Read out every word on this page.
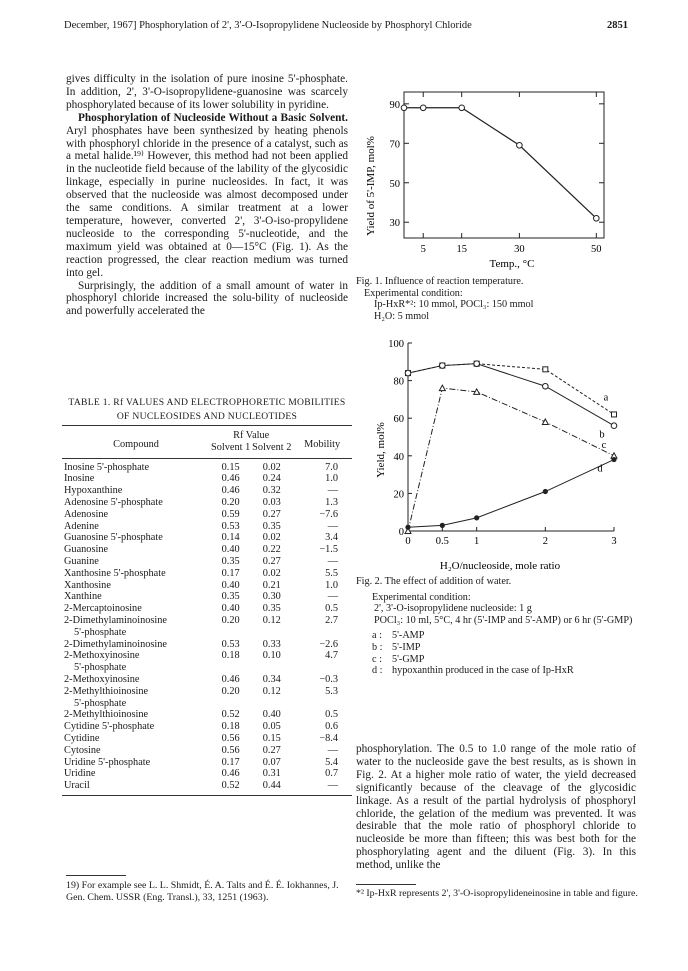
December, 1967] Phosphorylation of 2', 3'-O-Isopropylidene Nucleoside by Phosphoryl Chloride	2851

gives difficulty in the isolation of pure inosine 5'-phosphate. In addition, 2', 3'-O-isopropylidene-guanosine was scarcely phosphorylated because of its lower solubility in pyridine.

Phosphorylation of Nucleoside Without a Basic Solvent. Aryl phosphates have been synthesized by heating phenols with phosphoryl chloride in the presence of a catalyst, such as a metal halide.¹⁹⁾ However, this method had not been applied in the nucleotide field because of the lability of the glycosidic linkage, especially in purine nucleosides. In fact, it was observed that the nucleoside was almost decomposed under the same conditions. A similar treatment at a lower temperature, however, converted 2', 3'-O-iso-propylidene nucleoside to the corresponding 5'-nucleotide, and the maximum yield was obtained at 0—15°C (Fig. 1). As the reaction progressed, the clear reaction medium was turned into gel.

Surprisingly, the addition of a small amount of water in phosphoryl chloride increased the solu-bility of nucleoside and powerfully accelerated the

TABLE 1. Rf VALUES AND ELECTROPHORETIC MOBILITIES OF NUCLEOSIDES AND NUCLEOTIDES
Compound	Rf Value		Mobility
	Solvent 1	Solvent 2	

Inosine 5'-phosphate	0.15	0.02	7.0

Inosine	0.46	0.24	1.0

Hypoxanthine	0.46	0.32	—

Adenosine 5'-phosphate	0.20	0.03	1.3

Adenosine	0.59	0.27	−7.6

Adenine	0.53	0.35	—

Guanosine 5'-phosphate	0.14	0.02	3.4

Guanosine	0.40	0.22	−1.5

Guanine	0.35	0.27	—

Xanthosine 5'-phosphate	0.17	0.02	5.5

Xanthosine	0.40	0.21	1.0

Xanthine	0.35	0.30	—

2-Mercaptoinosine	0.40	0.35	0.5

2-Dimethylaminoinosine
5'-phosphate	0.20	0.12	2.7

2-Dimethylaminoinosine	0.53	0.33	−2.6

2-Methoxyinosine
5'-phosphate	0.18	0.10	4.7

2-Methoxyinosine	0.46	0.34	−0.3

2-Methylthioinosine
5'-phosphate	0.20	0.12	5.3

2-Methylthioinosine	0.52	0.40	0.5

Cytidine 5'-phosphate	0.18	0.05	0.6

Cytidine	0.56	0.15	−8.4

Cytosine	0.56	0.27	—

Uridine 5'-phosphate	0.17	0.07	5.4

Uridine	0.46	0.31	0.7

Uracil	0.52	0.44	—
19) For example see L. L. Shmidt, É. A. Talts and É. É. Iokhannes, J. Gen. Chem. USSR (Eng. Transl.), 33, 1251 (1963).
Yield of 5'-IMP, mol%
5	15	30	50
30
50
70
90
Temp., °C
Fig. 1. Influence of reaction temperature.
Experimental condition:
Ip-HxR*²: 10 mmol, POCl₃: 150 mmol
H₂O: 5 mmol
Yield, mol%
0 0.5 1	2	3
0
20
40
60
80
100
a
b
c
d
H₂O/nucleoside, mole ratio
Fig. 2. The effect of addition of water.
Experimental condition:
2', 3'-O-isopropylidene nucleoside: 1 g
POCl₃: 10 ml, 5°C, 4 hr (5'-IMP and 5'-AMP) or 6 hr (5'-GMP)
a : 5'-AMP
b : 5'-IMP
c : 5'-GMP
d : hypoxanthin produced in the case of Ip-HxR
phosphorylation. The 0.5 to 1.0 range of the mole ratio of water to the nucleoside gave the best results, as is shown in Fig. 2. At a higher mole ratio of water, the yield decreased significantly because of the cleavage of the glycosidic linkage. As a result of the partial hydrolysis of phosphoryl chloride, the gelation of the medium was prevented. It was desirable that the mole ratio of phosphoryl chloride to nucleoside be more than fifteen; this was best both for the phosphorylating agent and the diluent (Fig. 3). In this method, unlike the
*² Ip-HxR represents 2', 3'-O-isopropylideneinosine in table and figure.
